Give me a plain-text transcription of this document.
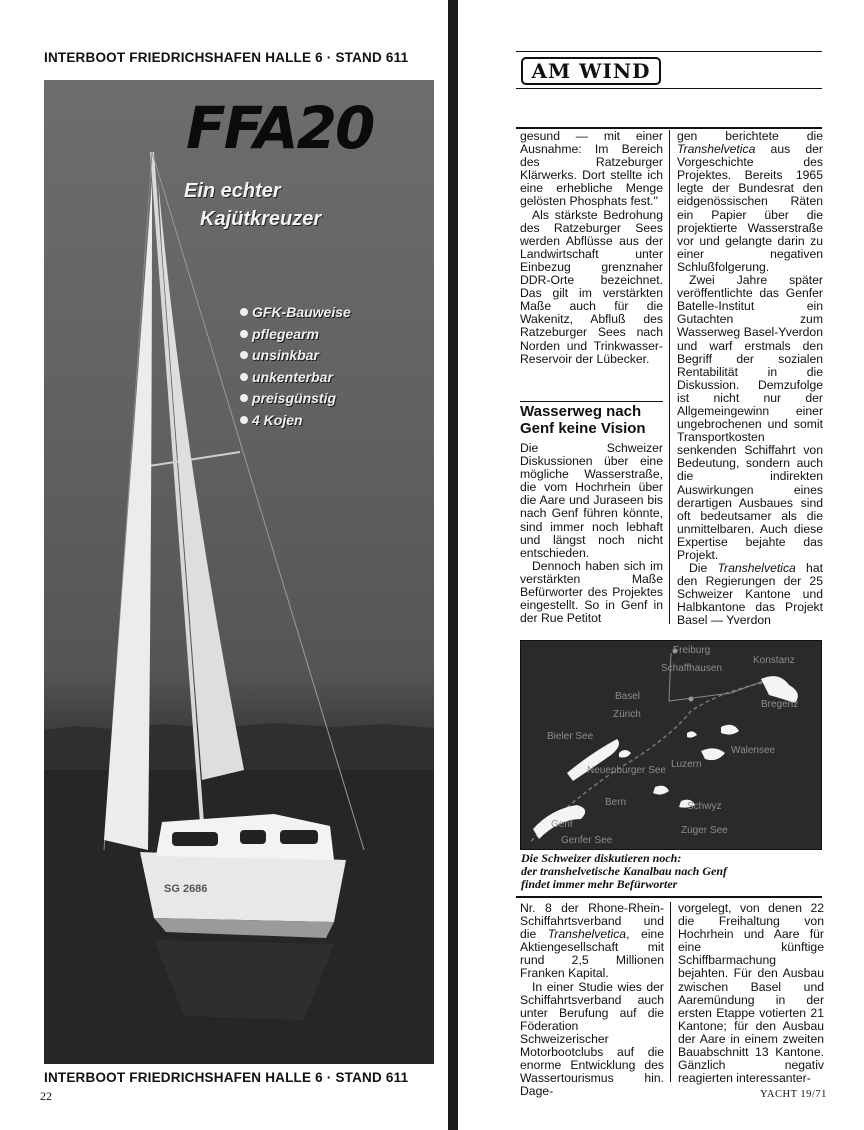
INTERBOOT FRIEDRICHSHAFEN HALLE 6 · STAND 611
SG 2686
FFA20
Ein echter
Kajütkreuzer
GFK-Bauweise
pflegearm
unsinkbar
unkenterbar
preisgünstig
4 Kojen
INTERBOOT FRIEDRICHSHAFEN HALLE 6 · STAND 611
22
AM WIND

gesund — mit einer Ausnahme: Im Bereich des Ratzeburger Klärwerks. Dort stellte ich eine erhebliche Menge gelösten Phosphats fest."

Als stärkste Bedrohung des Ratzeburger Sees werden Abflüsse aus der Landwirtschaft unter Einbezug grenznaher DDR-Orte bezeichnet. Das gilt im verstärkten Maße auch für die Wakenitz, Abfluß des Ratzeburger Sees nach Norden und Trinkwasser-Reservoir der Lübecker.

Wasserweg nach Genf keine Vision

Die Schweizer Diskussionen über eine mögliche Wasserstraße, die vom Hochrhein über die Aare und Juraseen bis nach Genf führen könnte, sind immer noch lebhaft und längst noch nicht entschieden.

Dennoch haben sich im verstärkten Maße Befürworter des Projektes eingestellt. So in Genf in der Rue Petitot

gen berichtete die Transhelvetica aus der Vorgeschichte des Projektes. Bereits 1965 legte der Bundesrat den eidgenössischen Räten ein Papier über die projektierte Wasserstraße vor und gelangte darin zu einer negativen Schlußfolgerung.

Zwei Jahre später veröffentlichte das Genfer Batelle-Institut ein Gutachten zum Wasserweg Basel-Yverdon und warf erstmals den Begriff der sozialen Rentabilität in die Diskussion. Demzufolge ist nicht nur der Allgemeingewinn einer ungebrochenen und somit Transportkosten senkenden Schiffahrt von Bedeutung, sondern auch die indirekten Auswirkungen eines derartigen Ausbaues sind oft bedeutsamer als die unmittelbaren. Auch diese Expertise bejahte das Projekt.

Die Transhelvetica hat den Regierungen der 25 Schweizer Kantone und Halbkantone das Projekt Basel — Yverdon

Freiburg
Schaffhausen
Konstanz
Basel
Zürich
Bieler See
Bregenz
Luzern
Neuenburger See
Walensee
Bern
Genf
Genfer See
Schwyz
Zuger See
Die Schweizer diskutieren noch:
der transhelvetische Kanalbau nach Genf
findet immer mehr Befürworter

Nr. 8 der Rhone-Rhein-Schiffahrtsverband und die Transhelvetica, eine Aktiengesellschaft mit rund 2,5 Millionen Franken Kapital.

In einer Studie wies der Schiffahrtsverband auch unter Berufung auf die Föderation Schweizerischer Motorbootclubs auf die enorme Entwicklung des Wassertourismus hin. Dage-

vorgelegt, von denen 22 die Freihaltung von Hochrhein und Aare für eine künftige Schiffbarmachung bejahten. Für den Ausbau zwischen Basel und Aaremündung in der ersten Etappe votierten 21 Kantone; für den Ausbau der Aare in einem zweiten Bauabschnitt 13 Kantone. Gänzlich negativ reagierten interessanter-

YACHT 19/71
